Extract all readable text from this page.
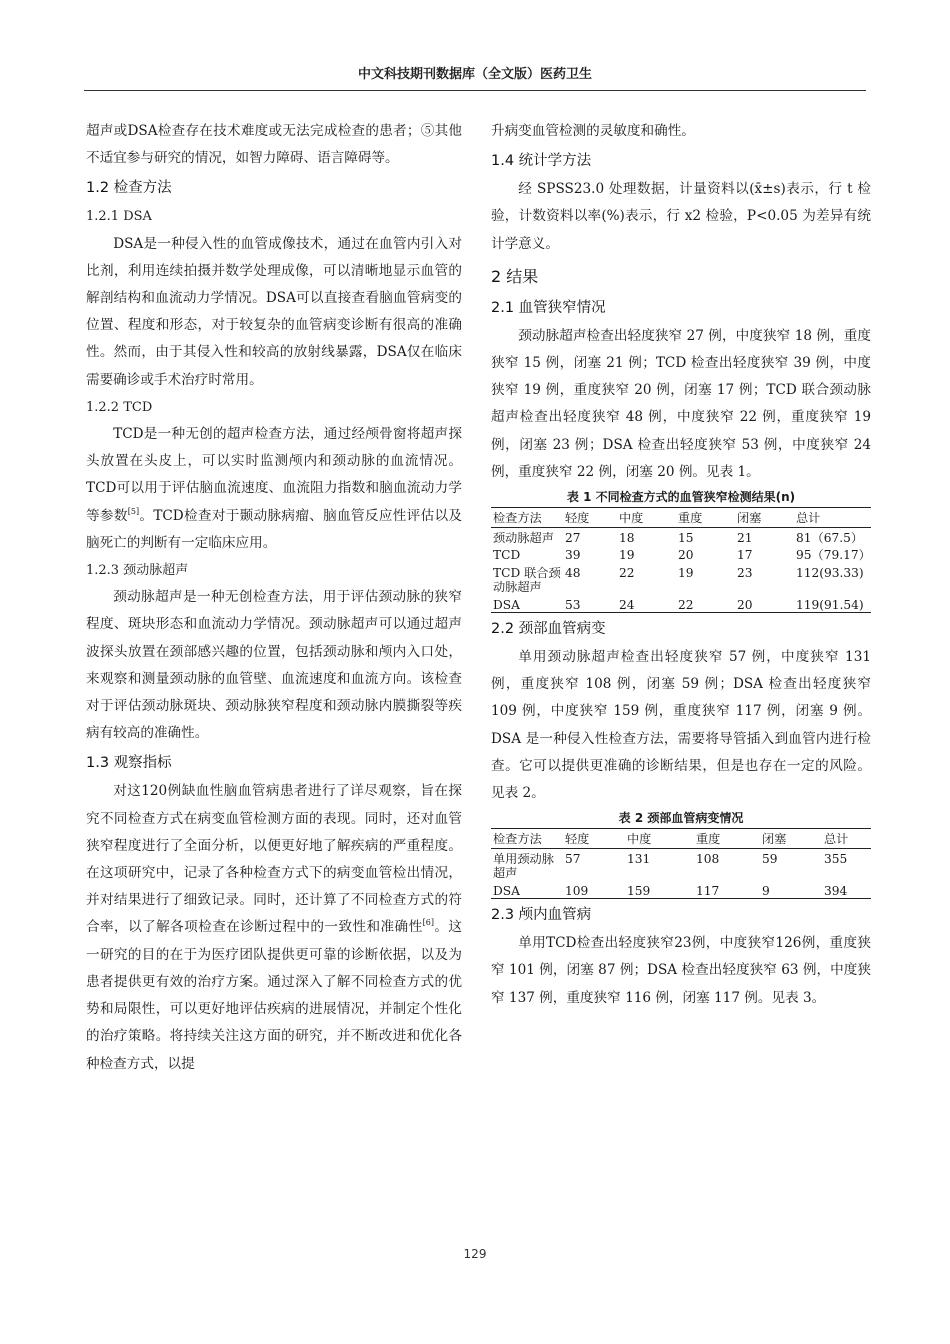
中文科技期刊数据库（全文版）医药卫生

超声或DSA检查存在技术难度或无法完成检查的患者；⑤其他不适宜参与研究的情况，如智力障碍、语言障碍等。

1.2 检查方法
1.2.1 DSA

DSA是一种侵入性的血管成像技术，通过在血管内引入对比剂，利用连续拍摄并数学处理成像，可以清晰地显示血管的解剖结构和血流动力学情况。DSA可以直接查看脑血管病变的位置、程度和形态，对于较复杂的血管病变诊断有很高的准确性。然而，由于其侵入性和较高的放射线暴露，DSA仅在临床需要确诊或手术治疗时常用。

1.2.2 TCD

TCD是一种无创的超声检查方法，通过经颅骨窗将超声探头放置在头皮上，可以实时监测颅内和颈动脉的血流情况。TCD可以用于评估脑血流速度、血流阻力指数和脑血流动力学等参数[5]。TCD检查对于颞动脉病瘤、脑血管反应性评估以及脑死亡的判断有一定临床应用。

1.2.3 颈动脉超声

颈动脉超声是一种无创检查方法，用于评估颈动脉的狭窄程度、斑块形态和血流动力学情况。颈动脉超声可以通过超声波探头放置在颈部感兴趣的位置，包括颈动脉和颅内入口处，来观察和测量颈动脉的血管壁、血流速度和血流方向。该检查对于评估颈动脉斑块、颈动脉狭窄程度和颈动脉内膜撕裂等疾病有较高的准确性。

1.3 观察指标

对这120例缺血性脑血管病患者进行了详尽观察，旨在探究不同检查方式在病变血管检测方面的表现。同时，还对血管狭窄程度进行了全面分析，以便更好地了解疾病的严重程度。在这项研究中，记录了各种检查方式下的病变血管检出情况，并对结果进行了细致记录。同时，还计算了不同检查方式的符合率，以了解各项检查在诊断过程中的一致性和准确性[6]。这一研究的目的在于为医疗团队提供更可靠的诊断依据，以及为患者提供更有效的治疗方案。通过深入了解不同检查方式的优势和局限性，可以更好地评估疾病的进展情况，并制定个性化的治疗策略。将持续关注这方面的研究，并不断改进和优化各种检查方式，以提

升病变血管检测的灵敏度和确性。

1.4 统计学方法

经 SPSS23.0 处理数据，计量资料以(x̄±s)表示，行 t 检验，计数资料以率(%)表示，行 x2 检验，P<0.05 为差异有统计学意义。

2 结果
2.1 血管狭窄情况

颈动脉超声检查出轻度狭窄 27 例，中度狭窄 18 例，重度狭窄 15 例，闭塞 21 例；TCD 检查出轻度狭窄 39 例，中度狭窄 19 例，重度狭窄 20 例，闭塞 17 例；TCD 联合颈动脉超声检查出轻度狭窄 48 例，中度狭窄 22 例，重度狭窄 19 例，闭塞 23 例；DSA 检查出轻度狭窄 53 例，中度狭窄 24 例，重度狭窄 22 例，闭塞 20 例。见表 1。

表 1 不同检查方式的血管狭窄检测结果(n)
检查方法	轻度	中度	重度	闭塞	总计
颈动脉超声	27	18	15	21	81（67.5）
TCD	39	19	20	17	95（79.17）
TCD 联合颈动脉超声	48	22	19	23	112(93.33)
DSA	53	24	22	20	119(91.54)
2.2 颈部血管病变

单用颈动脉超声检查出轻度狭窄 57 例，中度狭窄 131 例，重度狭窄 108 例，闭塞 59 例；DSA 检查出轻度狭窄 109 例，中度狭窄 159 例，重度狭窄 117 例，闭塞 9 例。DSA 是一种侵入性检查方法，需要将导管插入到血管内进行检查。它可以提供更准确的诊断结果，但是也存在一定的风险。见表 2。

表 2 颈部血管病变情况
检查方法	轻度	中度	重度	闭塞	总计
单用颈动脉超声	57	131	108	59	355
DSA	109	159	117	9	394
2.3 颅内血管病

单用TCD检查出轻度狭窄23例，中度狭窄126例，重度狭窄 101 例，闭塞 87 例；DSA 检查出轻度狭窄 63 例，中度狭窄 137 例，重度狭窄 116 例，闭塞 117 例。见表 3。

129
